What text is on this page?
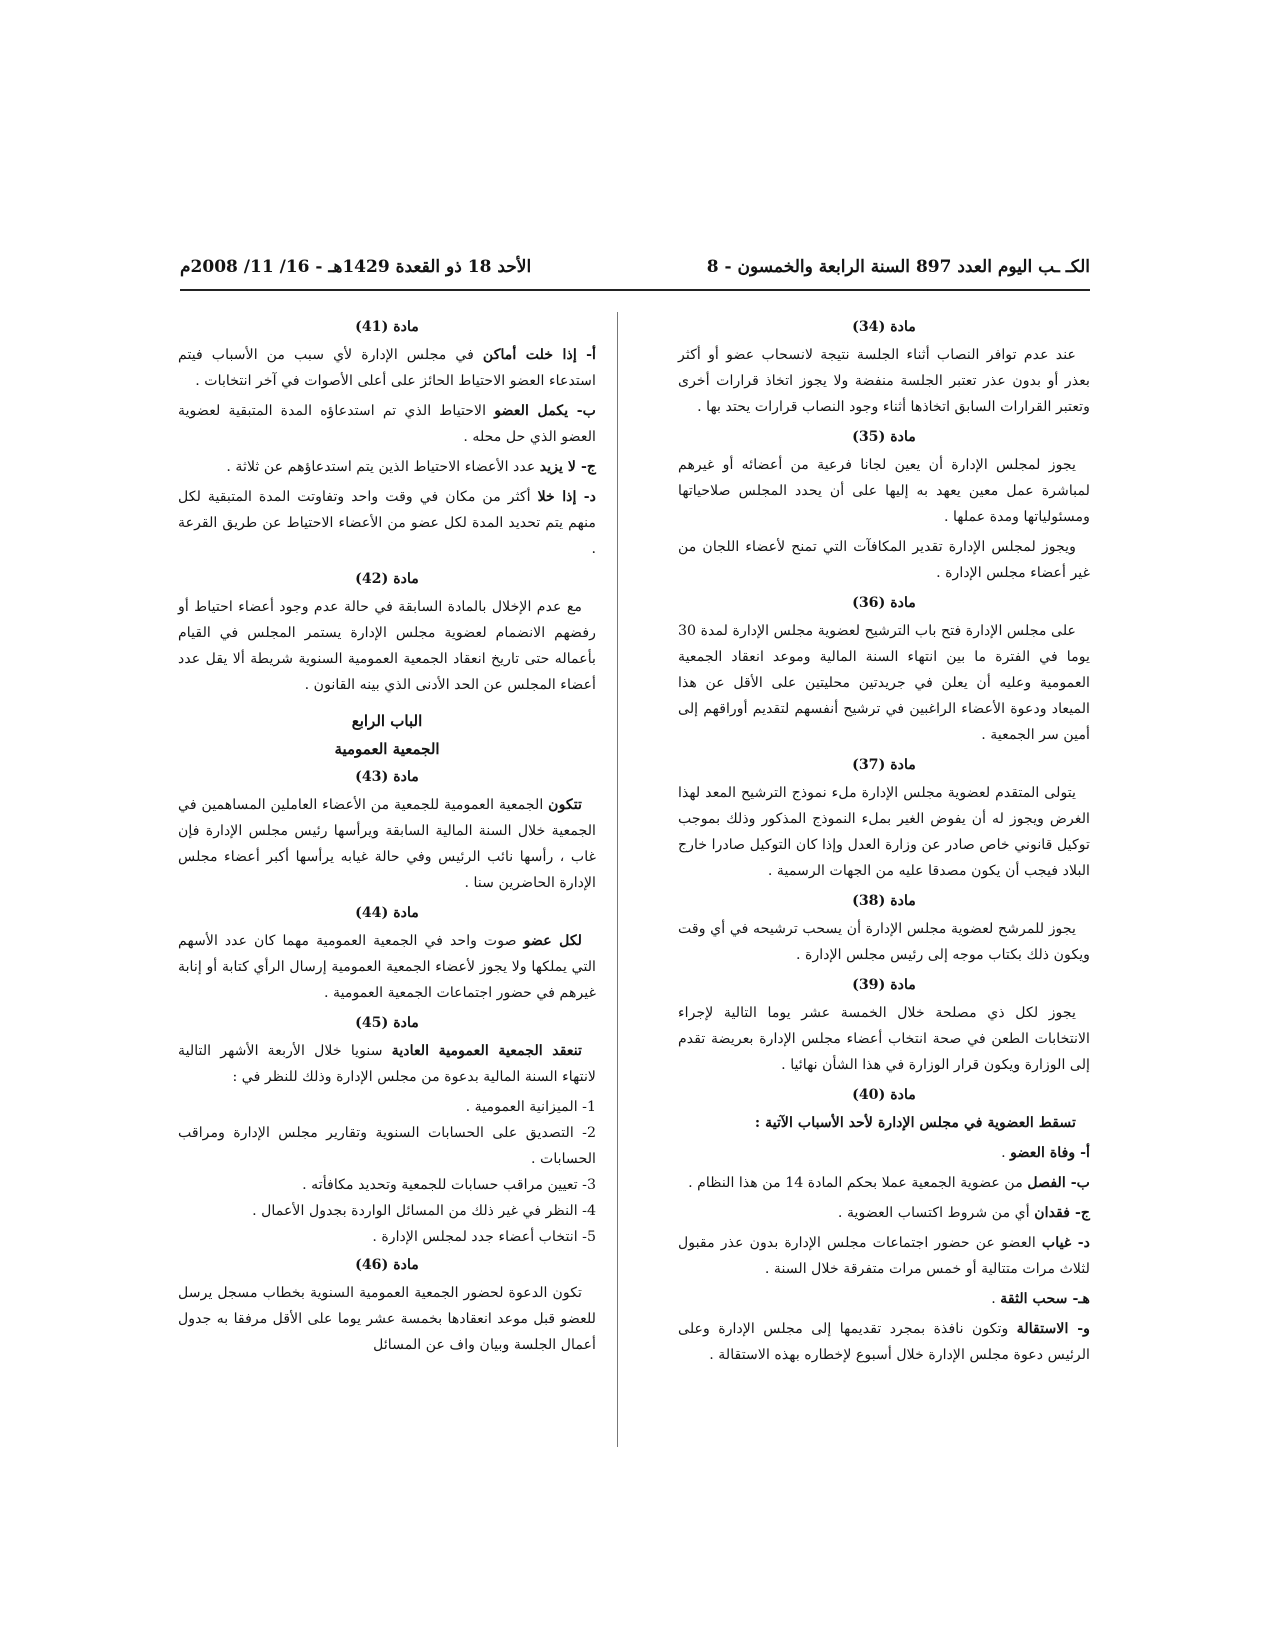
الكـ ـب اليوم العدد 897 السنة الرابعة والخمسون - 8
الأحد 18 ذو القعدة 1429هـ - 16/ 11/ 2008م
مادة (34)

عند عدم توافر النصاب أثناء الجلسة نتيجة لانسحاب عضو أو أكثر بعذر أو بدون عذر تعتبر الجلسة منفضة ولا يجوز اتخاذ قرارات أخرى وتعتبر القرارات السابق اتخاذها أثناء وجود النصاب قرارات يحتد بها .

مادة (35)

يجوز لمجلس الإدارة أن يعين لجانا فرعية من أعضائه أو غيرهم لمباشرة عمل معين يعهد به إليها على أن يحدد المجلس صلاحياتها ومسئولياتها ومدة عملها .

ويجوز لمجلس الإدارة تقدير المكافآت التي تمنح لأعضاء اللجان من غير أعضاء مجلس الإدارة .

مادة (36)

على مجلس الإدارة فتح باب الترشيح لعضوية مجلس الإدارة لمدة 30 يوما في الفترة ما بين انتهاء السنة المالية وموعد انعقاد الجمعية العمومية وعليه أن يعلن في جريدتين محليتين على الأقل عن هذا الميعاد ودعوة الأعضاء الراغبين في ترشيح أنفسهم لتقديم أوراقهم إلى أمين سر الجمعية .

مادة (37)

يتولى المتقدم لعضوية مجلس الإدارة ملء نموذج الترشيح المعد لهذا الغرض ويجوز له أن يفوض الغير بملء النموذج المذكور وذلك بموجب توكيل قانوني خاص صادر عن وزارة العدل وإذا كان التوكيل صادرا خارج البلاد فيجب أن يكون مصدقا عليه من الجهات الرسمية .

مادة (38)

يجوز للمرشح لعضوية مجلس الإدارة أن يسحب ترشيحه في أي وقت ويكون ذلك بكتاب موجه إلى رئيس مجلس الإدارة .

مادة (39)

يجوز لكل ذي مصلحة خلال الخمسة عشر يوما التالية لإجراء الانتخابات الطعن في صحة انتخاب أعضاء مجلس الإدارة بعريضة تقدم إلى الوزارة ويكون قرار الوزارة في هذا الشأن نهائيا .

مادة (40)

تسقط العضوية في مجلس الإدارة لأحد الأسباب الآتية :

أ- وفاة العضو .

ب- الفصل من عضوية الجمعية عملا بحكم المادة 14 من هذا النظام .

ج- فقدان أي من شروط اكتساب العضوية .

د- غياب العضو عن حضور اجتماعات مجلس الإدارة بدون عذر مقبول لثلاث مرات متتالية أو خمس مرات متفرقة خلال السنة .

هـ- سحب الثقة .

و- الاستقالة وتكون نافذة بمجرد تقديمها إلى مجلس الإدارة وعلى الرئيس دعوة مجلس الإدارة خلال أسبوع لإخطاره بهذه الاستقالة .

مادة (41)

أ- إذا خلت أماكن في مجلس الإدارة لأي سبب من الأسباب فيتم استدعاء العضو الاحتياط الحائز على أعلى الأصوات في آخر انتخابات .

ب- يكمل العضو الاحتياط الذي تم استدعاؤه المدة المتبقية لعضوية العضو الذي حل محله .

ج- لا يزيد عدد الأعضاء الاحتياط الذين يتم استدعاؤهم عن ثلاثة .

د- إذا خلا أكثر من مكان في وقت واحد وتفاوتت المدة المتبقية لكل منهم يتم تحديد المدة لكل عضو من الأعضاء الاحتياط عن طريق القرعة .

مادة (42)

مع عدم الإخلال بالمادة السابقة في حالة عدم وجود أعضاء احتياط أو رفضهم الانضمام لعضوية مجلس الإدارة يستمر المجلس في القيام بأعماله حتى تاريخ انعقاد الجمعية العمومية السنوية شريطة ألا يقل عدد أعضاء المجلس عن الحد الأدنى الذي بينه القانون .

الباب الرابع
الجمعية العمومية
مادة (43)

تتكون الجمعية العمومية للجمعية من الأعضاء العاملين المساهمين في الجمعية خلال السنة المالية السابقة ويرأسها رئيس مجلس الإدارة فإن غاب ، رأسها نائب الرئيس وفي حالة غيابه يرأسها أكبر أعضاء مجلس الإدارة الحاضرين سنا .

مادة (44)

لكل عضو صوت واحد في الجمعية العمومية مهما كان عدد الأسهم التي يملكها ولا يجوز لأعضاء الجمعية العمومية إرسال الرأي كتابة أو إنابة غيرهم في حضور اجتماعات الجمعية العمومية .

مادة (45)

تنعقد الجمعية العمومية العادية سنويا خلال الأربعة الأشهر التالية لانتهاء السنة المالية بدعوة من مجلس الإدارة وذلك للنظر في :

1- الميزانية العمومية .

2- التصديق على الحسابات السنوية وتقارير مجلس الإدارة ومراقب الحسابات .

3- تعيين مراقب حسابات للجمعية وتحديد مكافأته .

4- النظر في غير ذلك من المسائل الواردة بجدول الأعمال .

5- انتخاب أعضاء جدد لمجلس الإدارة .

مادة (46)

تكون الدعوة لحضور الجمعية العمومية السنوية بخطاب مسجل يرسل للعضو قبل موعد انعقادها بخمسة عشر يوما على الأقل مرفقا به جدول أعمال الجلسة وبيان واف عن المسائل
